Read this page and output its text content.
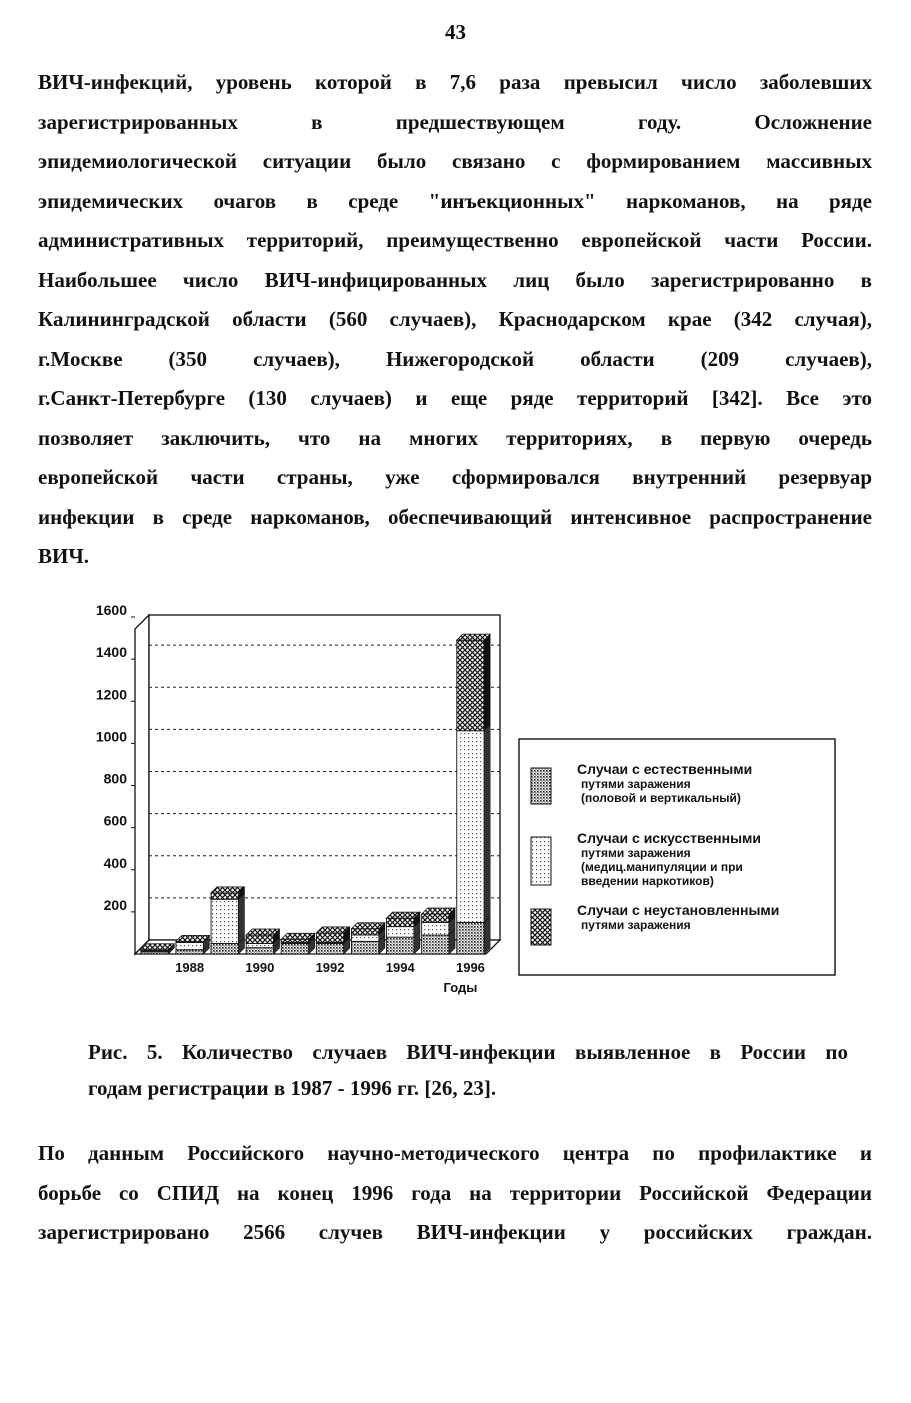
43
ВИЧ-инфекций, уровень которой в 7,6 раза превысил число заболевших
зарегистрированных в предшествующем году. Осложнение
эпидемиологической ситуации было связано с формированием массивных
эпидемических очагов в среде "инъекционных" наркоманов, на ряде
административных территорий, преимущественно европейской части России.
Наибольшее число ВИЧ-инфицированных лиц было зарегистрированно в
Калининградской области (560 случаев), Краснодарском крае (342 случая),
г.Москве (350 случаев), Нижегородской области (209 случаев),
г.Санкт-Петербурге (130 случаев) и еще ряде территорий [342]. Все это
позволяет заключить, что на многих территориях, в первую очередь
европейской части страны, уже сформировался внутренний резервуар
инфекции в среде наркоманов, обеспечивающий интенсивное распространение
ВИЧ.
200
400
600
800
1000
1200
1400
1600
1988	1990	1992	1994	1996
Годы
Случаи с естественными путями заражения (половой и вертикальный)
Случаи с искусственными путями заражения (медиц.манипуляции и при введении наркотиков)
Случаи с неустановленными путями заражения
Рис. 5. Количество случаев ВИЧ-инфекции выявленное в России по
годам регистрации в 1987 - 1996 гг. [26, 23].
По данным Российского научно-методического центра по профилактике и
борьбе со СПИД на конец 1996 года на территории Российской Федерации
зарегистрировано 2566 случев ВИЧ-инфекции у российских граждан.
